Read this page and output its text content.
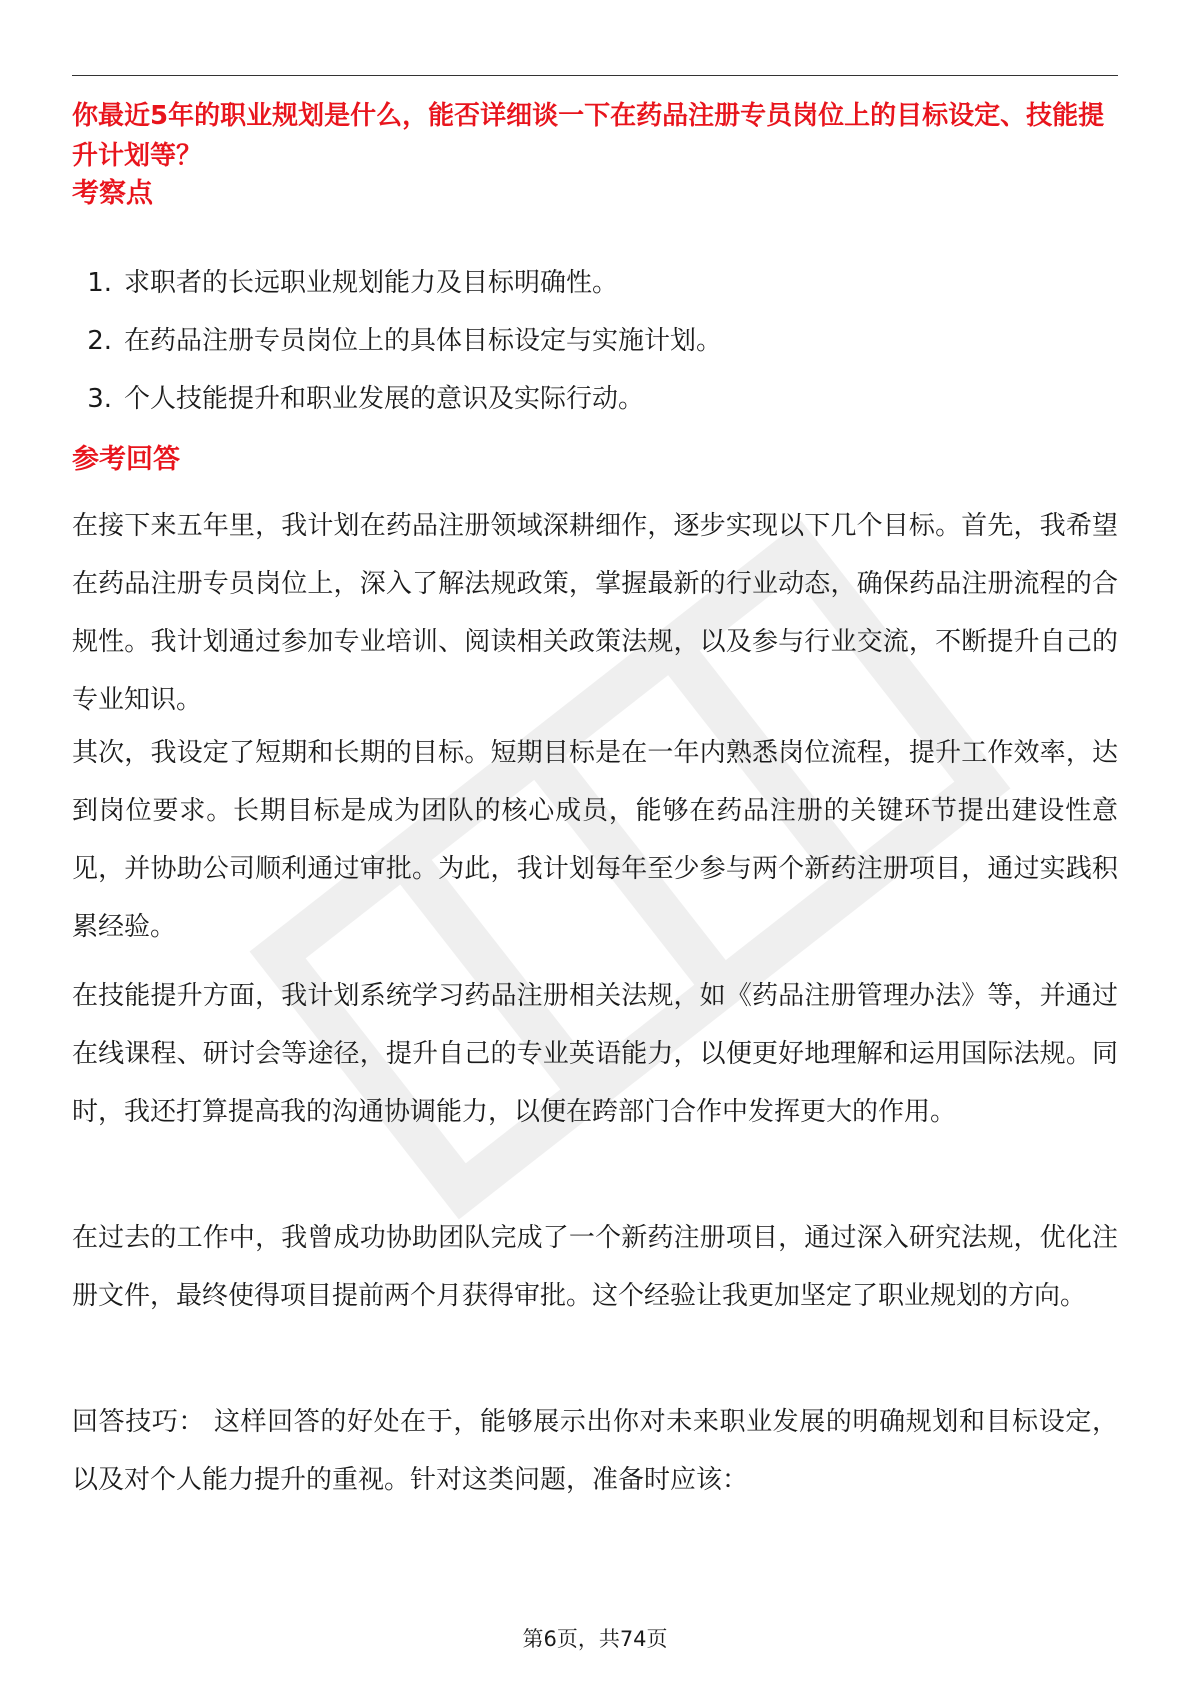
你最近5年的职业规划是什么，能否详细谈一下在药品注册专员岗位上的目标设定、技能提升计划等？

考察点
1. 求职者的长远职业规划能力及目标明确性。
2. 在药品注册专员岗位上的具体目标设定与实施计划。
3. 个人技能提升和职业发展的意识及实际行动。
参考回答

在接下来五年里，我计划在药品注册领域深耕细作，逐步实现以下几个目标。首先，我希望在药品注册专员岗位上，深入了解法规政策，掌握最新的行业动态，确保药品注册流程的合规性。我计划通过参加专业培训、阅读相关政策法规，以及参与行业交流，不断提升自己的专业知识。

其次，我设定了短期和长期的目标。短期目标是在一年内熟悉岗位流程，提升工作效率，达到岗位要求。长期目标是成为团队的核心成员，能够在药品注册的关键环节提出建设性意见，并协助公司顺利通过审批。为此，我计划每年至少参与两个新药注册项目，通过实践积累经验。

在技能提升方面，我计划系统学习药品注册相关法规，如《药品注册管理办法》等，并通过在线课程、研讨会等途径，提升自己的专业英语能力，以便更好地理解和运用国际法规。同时，我还打算提高我的沟通协调能力，以便在跨部门合作中发挥更大的作用。

在过去的工作中，我曾成功协助团队完成了一个新药注册项目，通过深入研究法规，优化注册文件，最终使得项目提前两个月获得审批。这个经验让我更加坚定了职业规划的方向。

回答技巧： 这样回答的好处在于，能够展示出你对未来职业发展的明确规划和目标设定，以及对个人能力提升的重视。针对这类问题，准备时应该：

第6页，共74页
